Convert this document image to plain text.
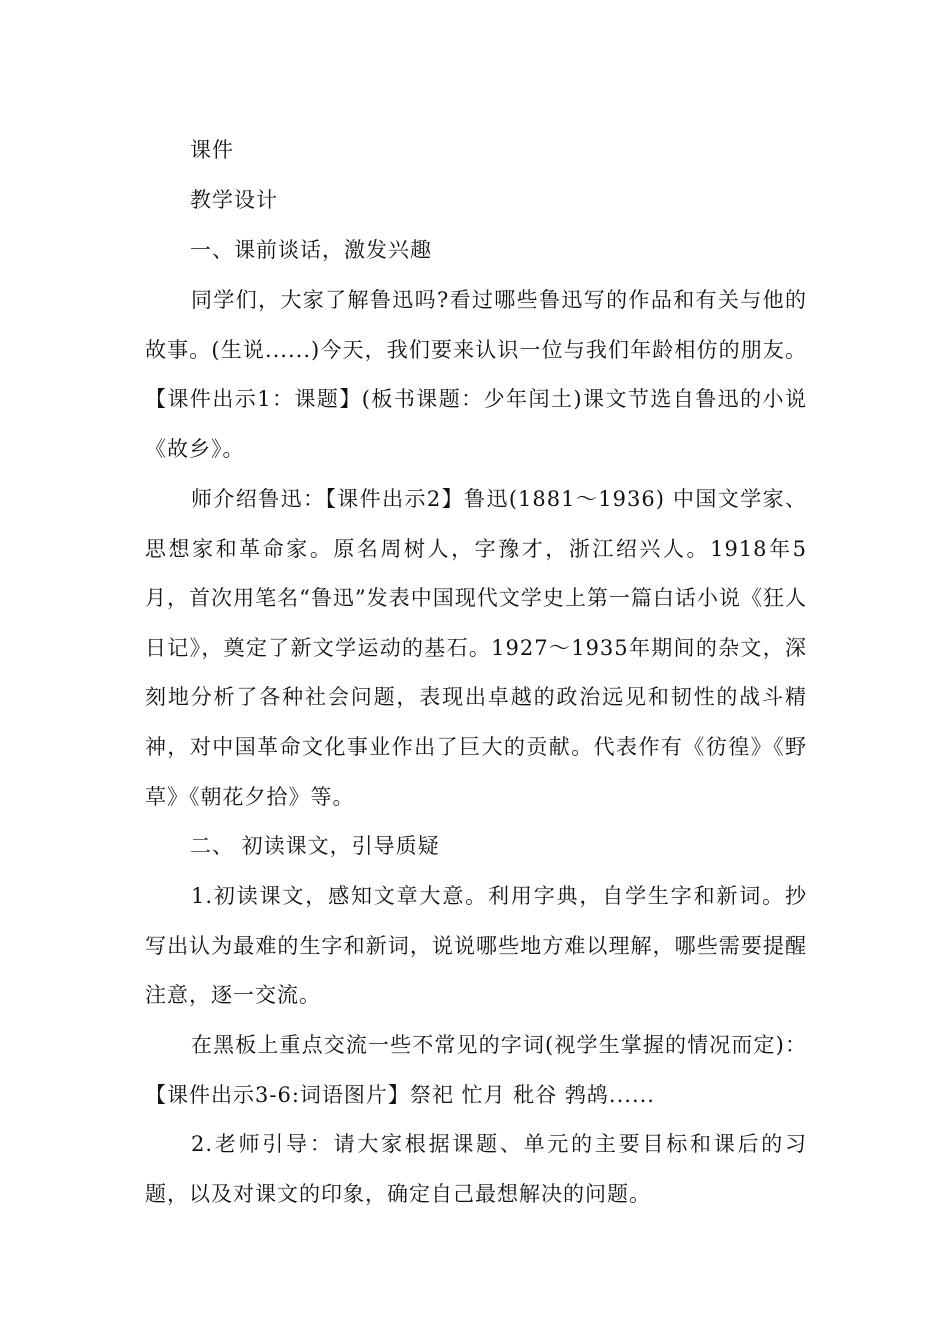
课件

教学设计

一、课前谈话，激发兴趣

同学们，大家了解鲁迅吗?看过哪些鲁迅写的作品和有关与他的故事。(生说......)今天，我们要来认识一位与我们年龄相仿的朋友。【课件出示1：课题】(板书课题：少年闰土)课文节选自鲁迅的小说《故乡》。

师介绍鲁迅：【课件出示2】鲁迅(1881～1936) 中国文学家、思想家和革命家。原名周树人，字豫才，浙江绍兴人。1918年5月，首次用笔名“鲁迅”发表中国现代文学史上第一篇白话小说《狂人日记》，奠定了新文学运动的基石。1927～1935年期间的杂文，深刻地分析了各种社会问题，表现出卓越的政治远见和韧性的战斗精神，对中国革命文化事业作出了巨大的贡献。代表作有《彷徨》《野草》《朝花夕拾》等。

二、 初读课文，引导质疑

1.初读课文，感知文章大意。利用字典，自学生字和新词。抄写出认为最难的生字和新词，说说哪些地方难以理解，哪些需要提醒注意，逐一交流。

在黑板上重点交流一些不常见的字词(视学生掌握的情况而定)：【课件出示3-6:词语图片】祭祀 忙月 秕谷 鹁鸪......

2.老师引导：请大家根据课题、单元的主要目标和课后的习题，以及对课文的印象，确定自己最想解决的问题。
